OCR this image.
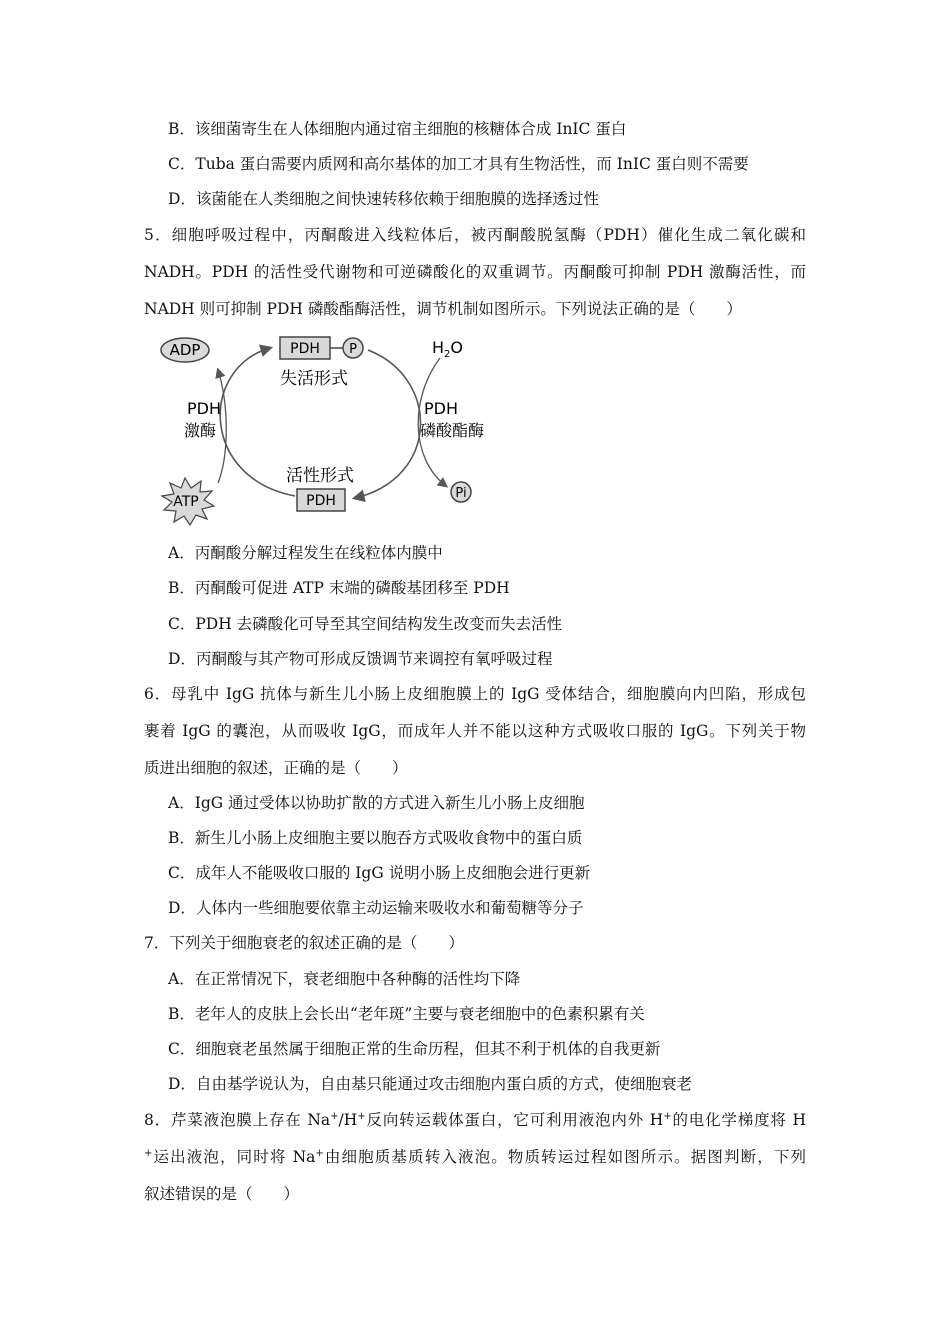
B．该细菌寄生在人体细胞内通过宿主细胞的核糖体合成 InIC 蛋白
C．Tuba 蛋白需要内质网和高尔基体的加工才具有生物活性，而 InIC 蛋白则不需要
D．该菌能在人类细胞之间快速转移依赖于细胞膜的选择透过性
5．细胞呼吸过程中，丙酮酸进入线粒体后，被丙酮酸脱氢酶（PDH）催化生成二氧化碳和
NADH。PDH 的活性受代谢物和可逆磷酸化的双重调节。丙酮酸可抑制 PDH 激酶活性，而
NADH 则可抑制 PDH 磷酸酯酶活性，调节机制如图所示。下列说法正确的是（　　）
ADP
ATP
PDH P
失活形式
活性形式
PDH
PDH
激酶
PDH
磷酸酯酶
$H_2O$
Pi
A．丙酮酸分解过程发生在线粒体内膜中
B．丙酮酸可促进 ATP 末端的磷酸基团移至 PDH
C．PDH 去磷酸化可导至其空间结构发生改变而失去活性
D．丙酮酸与其产物可形成反馈调节来调控有氧呼吸过程
6．母乳中 IgG 抗体与新生儿小肠上皮细胞膜上的 IgG 受体结合，细胞膜向内凹陷，形成包
裹着 IgG 的囊泡，从而吸收 IgG，而成年人并不能以这种方式吸收口服的 IgG。下列关于物
质进出细胞的叙述，正确的是（　　）
A．IgG 通过受体以协助扩散的方式进入新生儿小肠上皮细胞
B．新生儿小肠上皮细胞主要以胞吞方式吸收食物中的蛋白质
C．成年人不能吸收口服的 IgG 说明小肠上皮细胞会进行更新
D．人体内一些细胞要依靠主动运输来吸收水和葡萄糖等分子
7．下列关于细胞衰老的叙述正确的是（　　）
A．在正常情况下，衰老细胞中各种酶的活性均下降
B．老年人的皮肤上会长出“老年斑”主要与衰老细胞中的色素积累有关
C．细胞衰老虽然属于细胞正常的生命历程，但其不利于机体的自我更新
D．自由基学说认为，自由基只能通过攻击细胞内蛋白质的方式，使细胞衰老
8．芹菜液泡膜上存在 Na+/H+反向转运载体蛋白，它可利用液泡内外 H+的电化学梯度将 H
+运出液泡，同时将 Na+由细胞质基质转入液泡。物质转运过程如图所示。据图判断，下列
叙述错误的是（　　）
